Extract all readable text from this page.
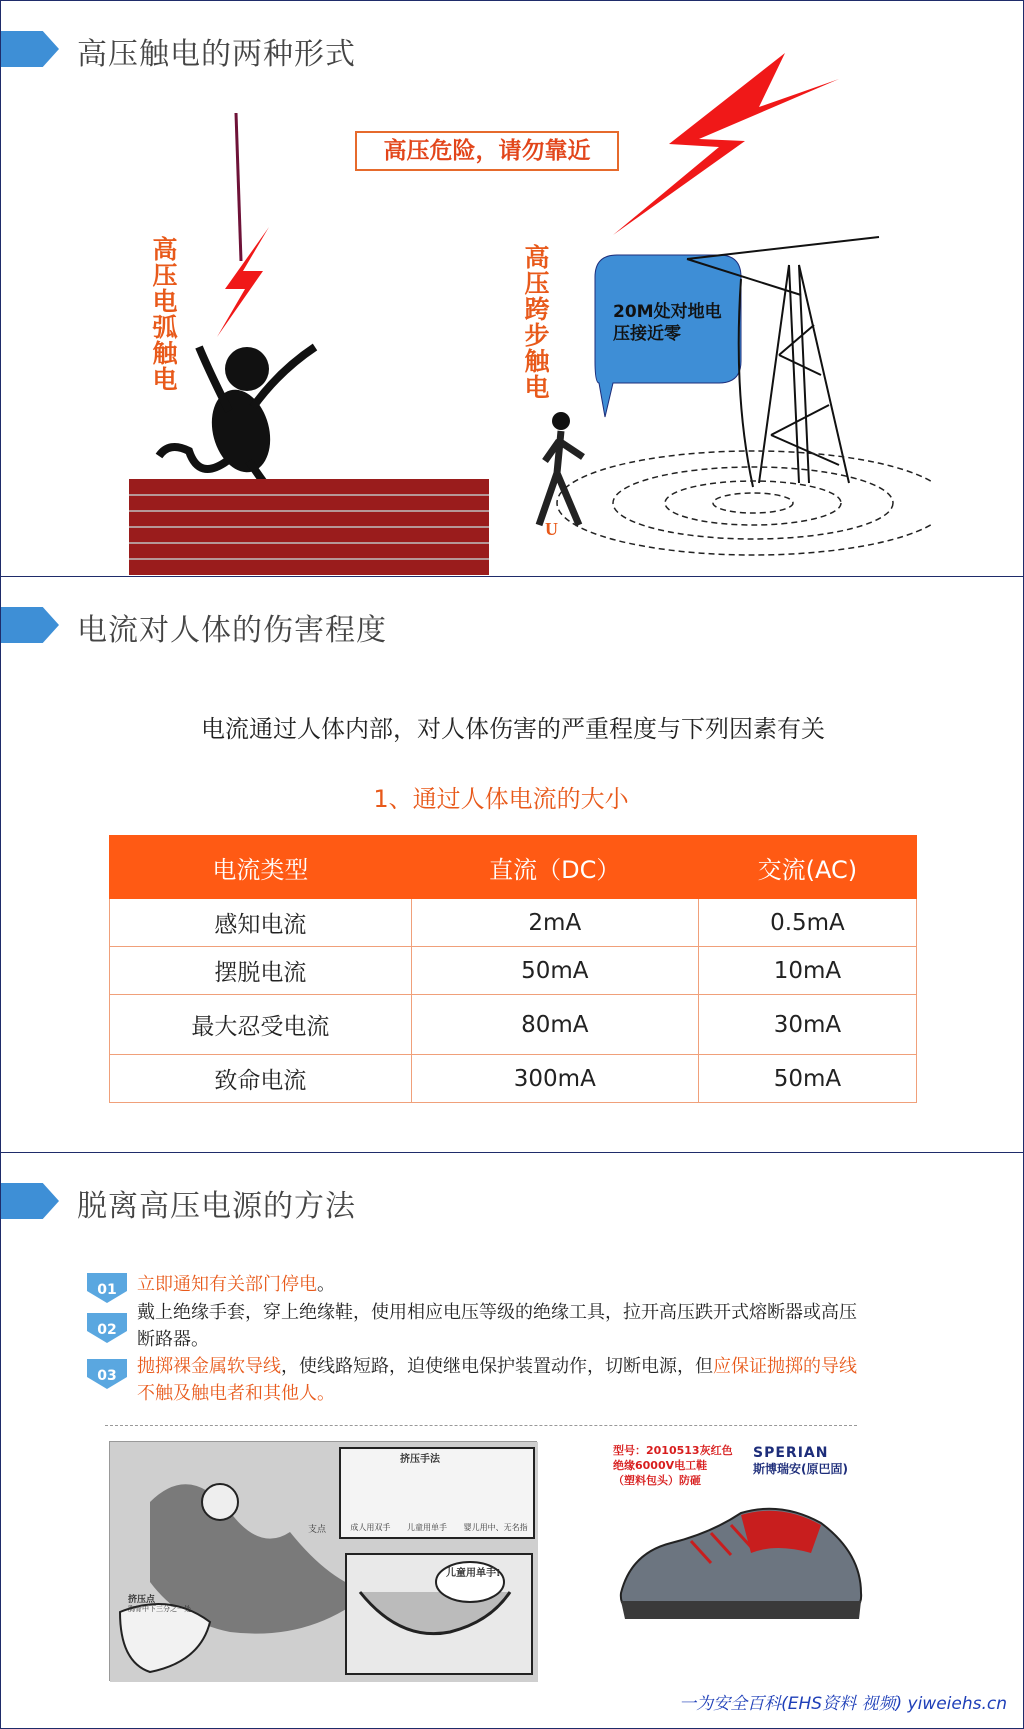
高压触电的两种形式
高压危险，请勿靠近
高压电弧触电
高压跨步触电
U
20M处对地电压接近零
电流对人体的伤害程度
电流通过人体内部，对人体伤害的严重程度与下列因素有关
1、通过人体电流的大小
电流类型	直流（DC）	交流(AC)
感知电流	2mA	0.5mA
摆脱电流	50mA	10mA
最大忍受电流	80mA	30mA
致命电流	300mA	50mA
脱离高压电源的方法
01	立即通知有关部门停电。
02
戴上绝缘手套，穿上绝缘鞋，使用相应电压等级的绝缘工具，拉开高压跌开式熔断器或高压断路器。
03	抛掷裸金属软导线，使线路短路，迫使继电保护装置动作，切断电源，但应保证抛掷的导线不触及触电者和其他人。
挤压手法
成人用双手 儿童用单手 婴儿用中、无名指
挤压点
胸骨中下三分之一处
支点
儿童用单手!
型号：2010513灰红色
绝缘6000V电工鞋
（塑料包头）防砸
SPERIAN
斯博瑞安(原巴固)
一为安全百科(EHS资料 视频) yiweiehs.cn
